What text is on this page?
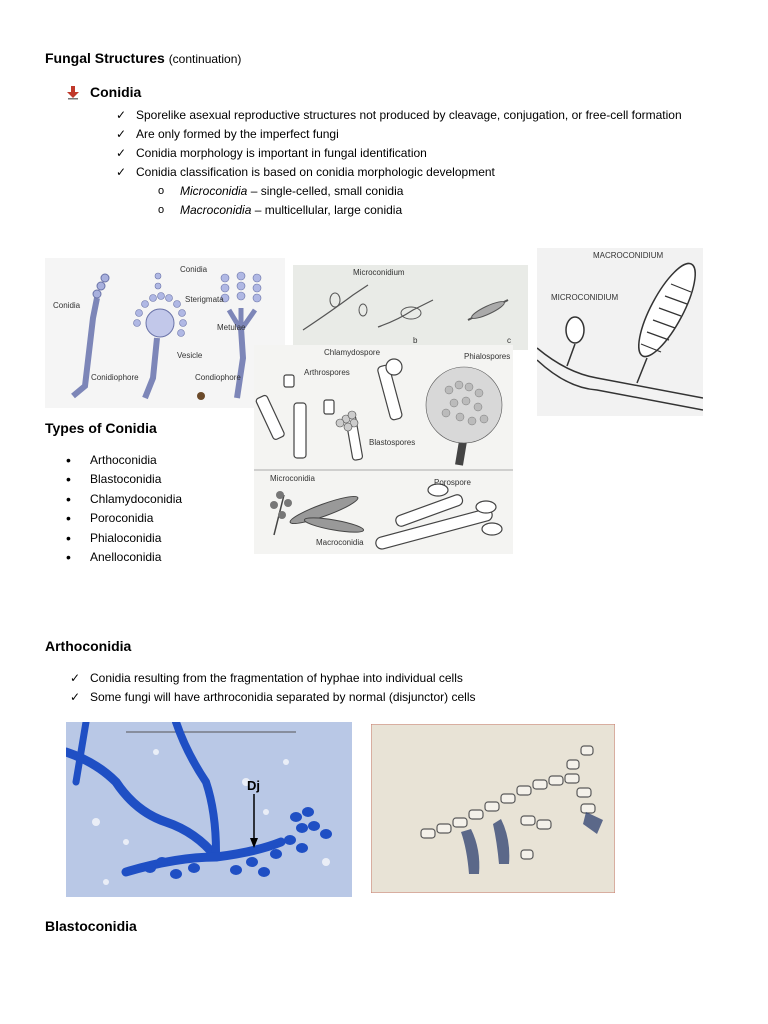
Fungal Structures (continuation)
Conidia
✓ Sporelike asexual reproductive structures not produced by cleavage, conjugation, or free-cell formation
✓ Are only formed by the imperfect fungi
✓ Conidia morphology is important in fungal identification
✓ Conidia classification is based on conidia morphologic development
o Microconidia – single-celled, small conidia
o Macroconidia – multicellular, large conidia
Conidia
Conidia
Sterigmata
Metulae
Vesicle
Conidiophore	Condiophore
Microconidium
b	c
MACROCONIDIUM
MICROCONIDIUM
Chlamydospore
Arthrospores
Phialospores
Blastospores
Microconidia
Macroconidia
Porospore
Types of Conidia
• Arthoconidia
• Blastoconidia
• Chlamydoconidia
• Poroconidia
• Phialoconidia
• Anelloconidia
Arthoconidia
✓ Conidia resulting from the fragmentation of hyphae into individual cells
✓ Some fungi will have arthroconidia separated by normal (disjunctor) cells
Dj
Blastoconidia
